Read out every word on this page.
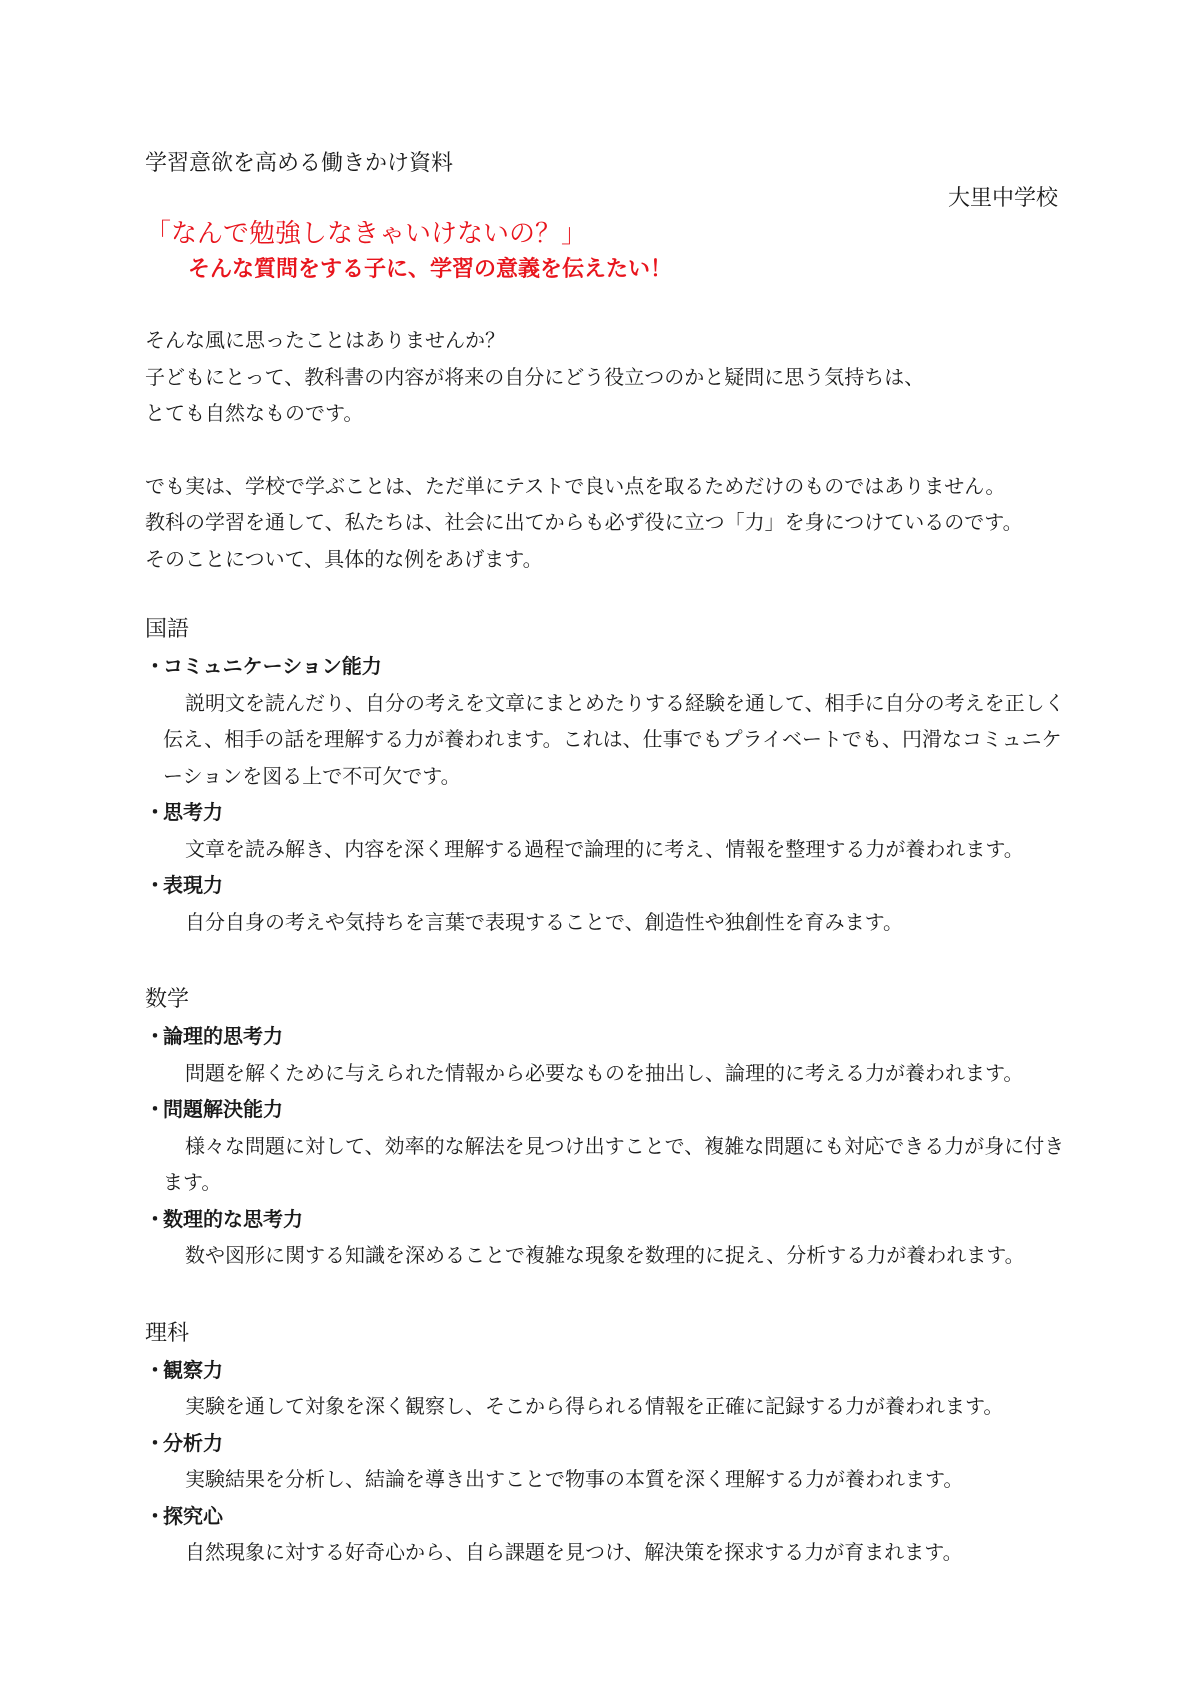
学習意欲を高める働きかけ資料
大里中学校
「なんで勉強しなきゃいけないの？」
そんな質問をする子に、学習の意義を伝えたい！

そんな風に思ったことはありませんか？

子どもにとって、教科書の内容が将来の自分にどう役立つのかと疑問に思う気持ちは、

とても自然なものです。

でも実は、学校で学ぶことは、ただ単にテストで良い点を取るためだけのものではありません。

教科の学習を通して、私たちは、社会に出てからも必ず役に立つ「力」を身につけているのです。

そのことについて、具体的な例をあげます。

国語

・コミュニケーション能力

説明文を読んだり、自分の考えを文章にまとめたりする経験を通して、相手に自分の考えを正しく伝え、相手の話を理解する力が養われます。これは、仕事でもプライベートでも、円滑なコミュニケーションを図る上で不可欠です。

・思考力

文章を読み解き、内容を深く理解する過程で論理的に考え、情報を整理する力が養われます。

・表現力

自分自身の考えや気持ちを言葉で表現することで、創造性や独創性を育みます。

数学

・論理的思考力

問題を解くために与えられた情報から必要なものを抽出し、論理的に考える力が養われます。

・問題解決能力

様々な問題に対して、効率的な解法を見つけ出すことで、複雑な問題にも対応できる力が身に付きます。

・数理的な思考力

数や図形に関する知識を深めることで複雑な現象を数理的に捉え、分析する力が養われます。

理科

・観察力

実験を通して対象を深く観察し、そこから得られる情報を正確に記録する力が養われます。

・分析力

実験結果を分析し、結論を導き出すことで物事の本質を深く理解する力が養われます。

・探究心

自然現象に対する好奇心から、自ら課題を見つけ、解決策を探求する力が育まれます。
